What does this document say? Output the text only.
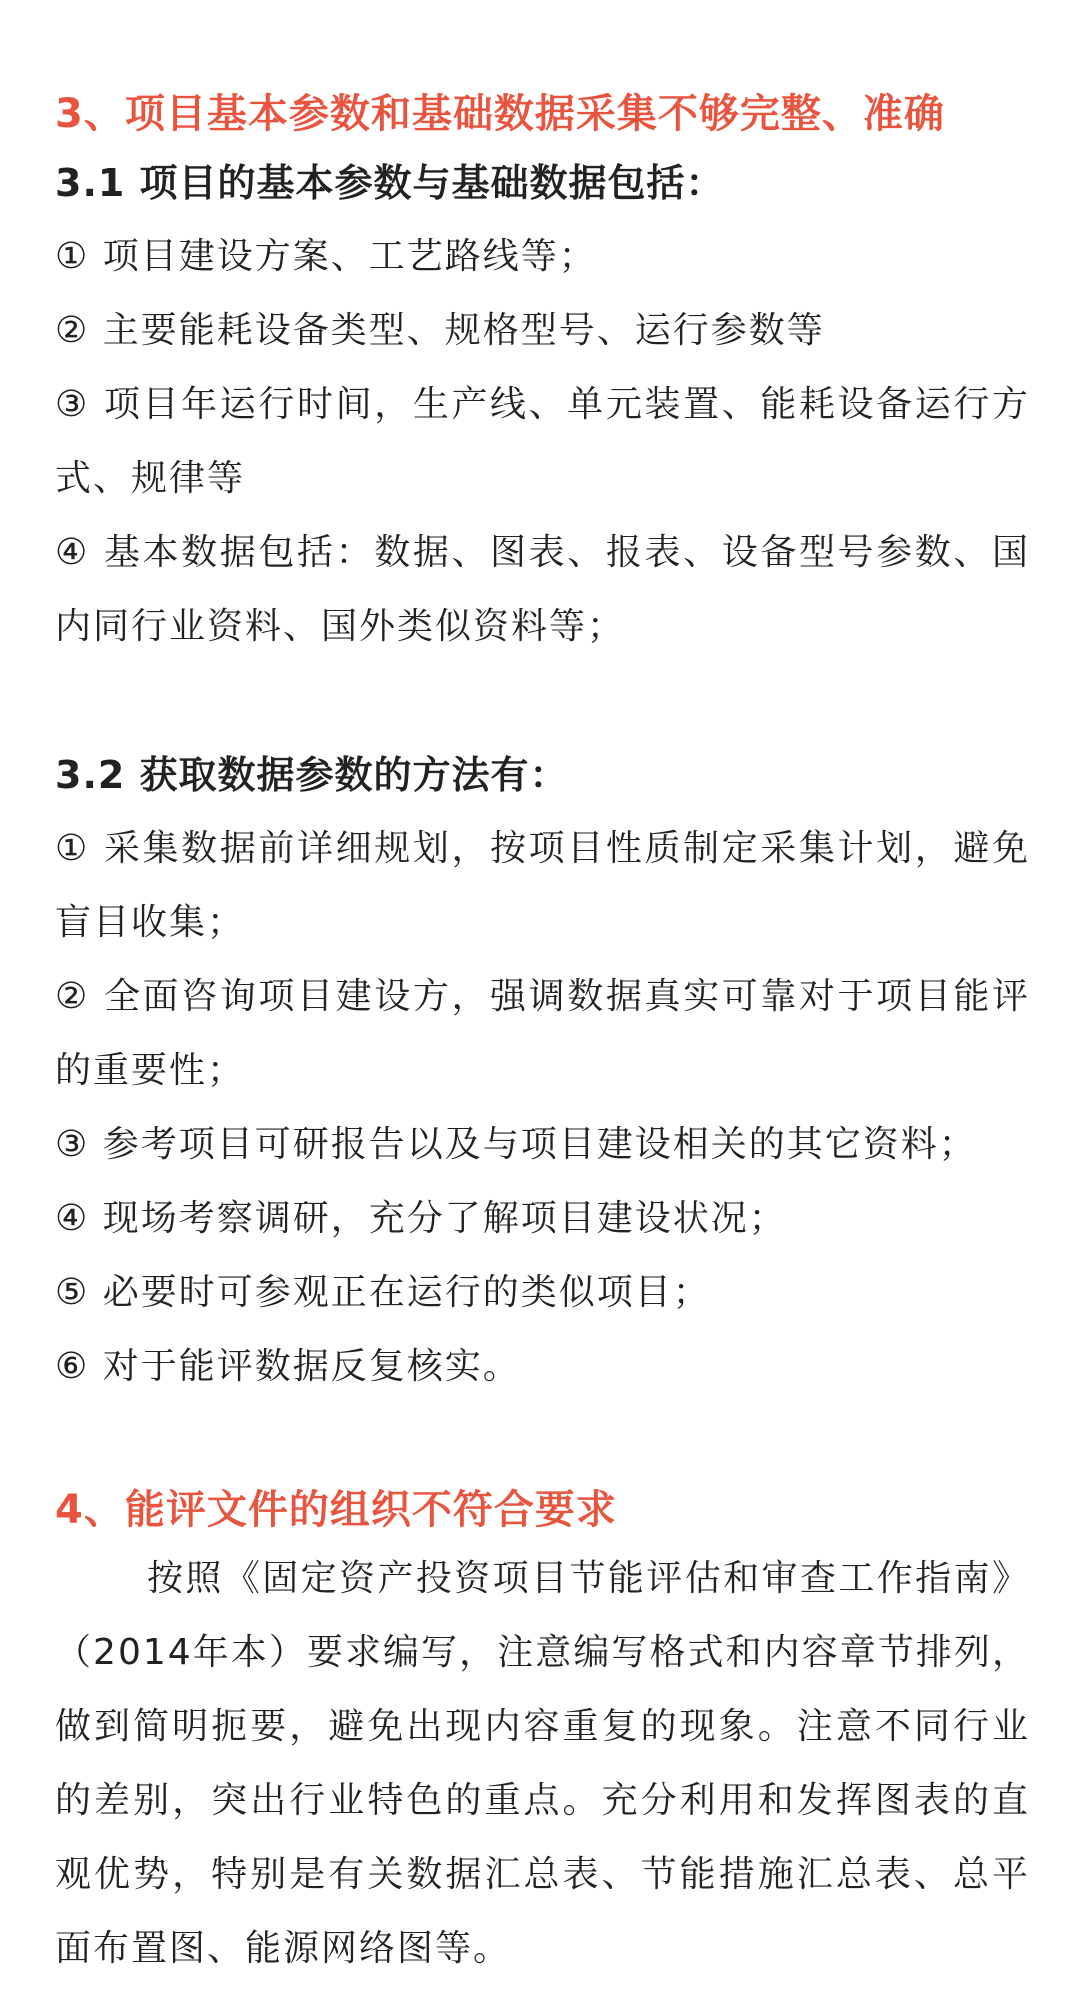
3、项目基本参数和基础数据采集不够完整、准确
3.1 项目的基本参数与基础数据包括：
① 项目建设方案、工艺路线等；
② 主要能耗设备类型、规格型号、运行参数等
③ 项目年运行时间，生产线、单元装置、能耗设备运行方式、规律等
④ 基本数据包括：数据、图表、报表、设备型号参数、国内同行业资料、国外类似资料等；
3.2 获取数据参数的方法有：
① 采集数据前详细规划，按项目性质制定采集计划，避免盲目收集；
② 全面咨询项目建设方，强调数据真实可靠对于项目能评的重要性；
③ 参考项目可研报告以及与项目建设相关的其它资料；
④ 现场考察调研，充分了解项目建设状况；
⑤ 必要时可参观正在运行的类似项目；
⑥ 对于能评数据反复核实。
4、能评文件的组织不符合要求
按照《固定资产投资项目节能评估和审查工作指南》（2014年本）要求编写，注意编写格式和内容章节排列，做到简明扼要，避免出现内容重复的现象。注意不同行业的差别，突出行业特色的重点。充分利用和发挥图表的直观优势，特别是有关数据汇总表、节能措施汇总表、总平面布置图、能源网络图等。
